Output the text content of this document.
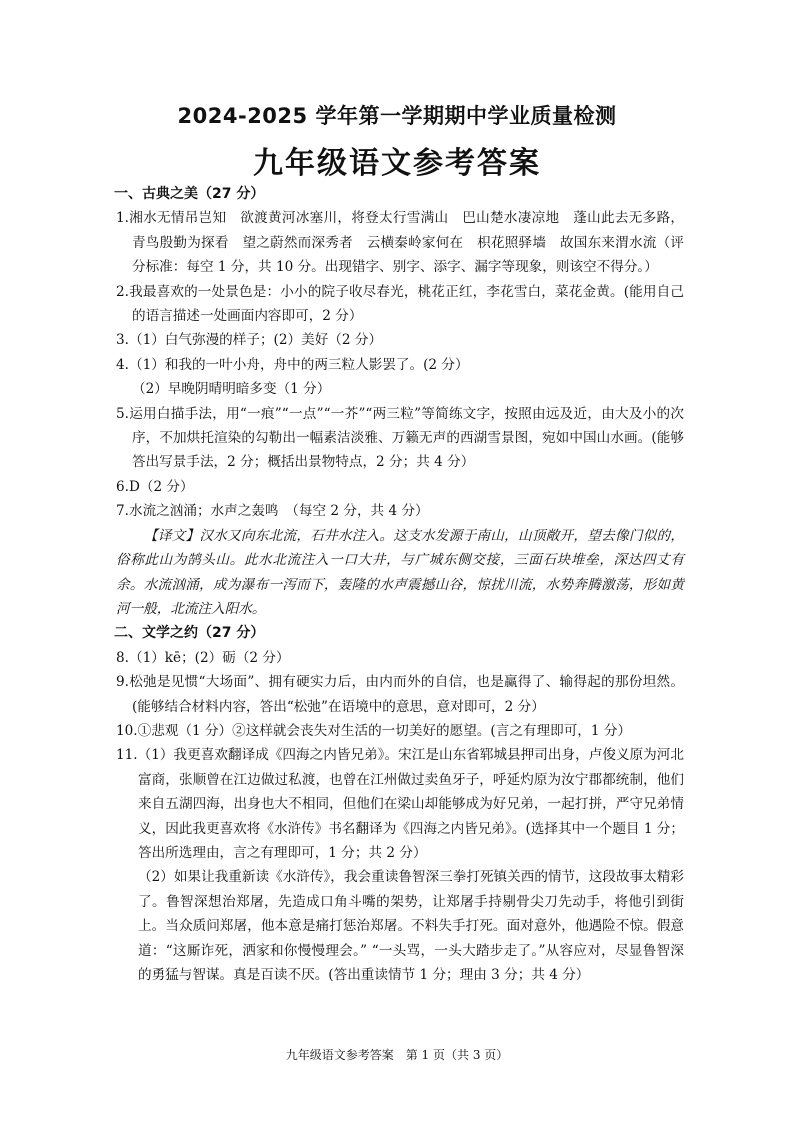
2024-2025 学年第一学期期中学业质量检测
九年级语文参考答案
一、古典之美（27 分）
1.湘水无情吊岂知　欲渡黄河冰塞川，将登太行雪满山　巴山楚水凄凉地　蓬山此去无多路，青鸟殷勤为探看　望之蔚然而深秀者　云横秦岭家何在　枳花照驿墙　故国东来渭水流（评分标准：每空 1 分，共 10 分。出现错字、别字、添字、漏字等现象，则该空不得分。）
2.我最喜欢的一处景色是：小小的院子收尽春光，桃花正红，李花雪白，菜花金黄。(能用自己的语言描述一处画面内容即可，2 分）
3.（1）白气弥漫的样子；(2）美好（2 分）
4.（1）和我的一叶小舟，舟中的两三粒人影罢了。(2 分）
（2）早晚阴晴明暗多变（1 分）
5.运用白描手法，用“一痕”“一点”“一芥”“两三粒”等简练文字，按照由远及近，由大及小的次序，不加烘托渲染的勾勒出一幅素洁淡雅、万籁无声的西湖雪景图，宛如中国山水画。(能够答出写景手法，2 分；概括出景物特点，2 分；共 4 分）
6.D（2 分）
7.水流之汹涌；水声之轰鸣　（每空 2 分，共 4 分）
【译文】汉水又向东北流，石井水注入。这支水发源于南山，山顶敞开，望去像门似的，俗称此山为鹄头山。此水北流注入一口大井，与广城东侧交接，三面石块堆垒，深达四丈有余。水流汹涌，成为瀑布一泻而下，轰隆的水声震撼山谷，惊扰川流，水势奔腾激荡，形如黄河一般，北流注入阳水。
二、文学之约（27 分）
8.（1）kē；(2）砺（2 分）
9.松弛是见惯“大场面”、拥有硬实力后，由内而外的自信，也是赢得了、输得起的那份坦然。(能够结合材料内容，答出“松弛”在语境中的意思，意对即可，2 分）
10.①悲观（1 分）②这样就会丧失对生活的一切美好的愿望。(言之有理即可，1 分）
11.（1）我更喜欢翻译成《四海之内皆兄弟》。宋江是山东省郓城县押司出身，卢俊义原为河北富商，张顺曾在江边做过私渡，也曾在江州做过卖鱼牙子，呼延灼原为汝宁郡都统制，他们来自五湖四海，出身也大不相同，但他们在梁山却能够成为好兄弟，一起打拼，严守兄弟情义，因此我更喜欢将《水浒传》书名翻译为《四海之内皆兄弟》。(选择其中一个题目 1 分；答出所选理由，言之有理即可，1 分；共 2 分）
（2）如果让我重新读《水浒传》，我会重读鲁智深三拳打死镇关西的情节，这段故事太精彩了。鲁智深想治郑屠，先造成口角斗嘴的架势，让郑屠手持剔骨尖刀先动手，将他引到街上。当众质问郑屠，他本意是痛打惩治郑屠。不料失手打死。面对意外，他遇险不惊。假意道：“这厮诈死，洒家和你慢慢理会。” “一头骂，一头大踏步走了。”从容应对，尽显鲁智深的勇猛与智谋。真是百读不厌。(答出重读情节 1 分；理由 3 分；共 4 分）
九年级语文参考答案　第 1 页（共 3 页）
